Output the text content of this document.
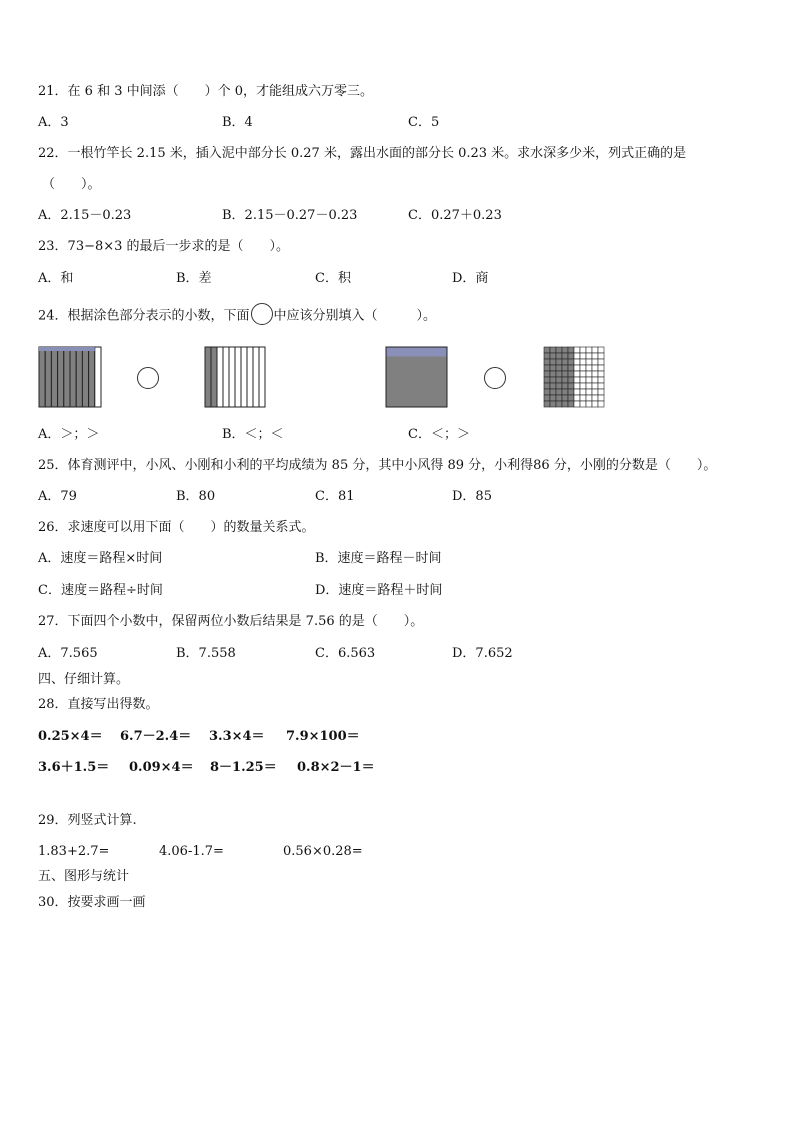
21．在 6 和 3 中间添（　　）个 0，才能组成六万零三。
A．3	B．4	C．5
22．一根竹竿长 2.15 米，插入泥中部分长 0.27 米，露出水面的部分长 0.23 米。求水深多少米，列式正确的是
（　　）。
A．2.15－0.23	B．2.15－0.27－0.23	C．0.27＋0.23
23．73−8×3 的最后一步求的是（　　）。
A．和	B．差	C．积	D．商
24．根据涂色部分表示的小数，下面 中应该分别填入（　　　）。
A．＞；＞	B．＜；＜	C．＜；＞
25．体育测评中，小风、小刚和小利的平均成绩为 85 分，其中小风得 89 分，小利得86 分，小刚的分数是（　　）。
A．79	B．80	C．81	D．85
26．求速度可以用下面（　　）的数量关系式。
A．速度＝路程×时间	B．速度＝路程－时间
C．速度＝路程÷时间	D．速度＝路程＋时间
27．下面四个小数中，保留两位小数后结果是 7.56 的是（　　）。
A．7.565	B．7.558	C．6.563	D．7.652
四、仔细计算。
28．直接写出得数。
0.25×4＝ 6.7－2.4＝ 3.3×4＝ 7.9×100＝
3.6＋1.5＝ 0.09×4＝ 8－1.25＝ 0.8×2－1＝
29．列竖式计算.
1.83+2.7=	4.06-1.7=	0.56×0.28=
五、图形与统计
30．按要求画一画
